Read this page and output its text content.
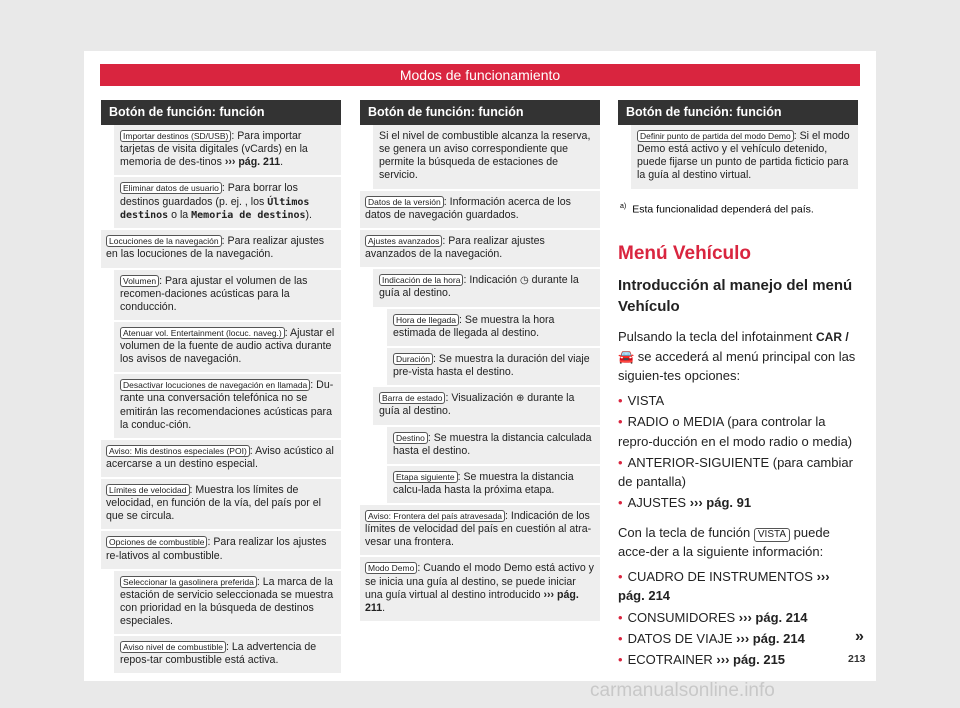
Modos de funcionamiento
Botón de función: función
Importar destinos (SD/USB) : Para importar tarjetas de visita digitales (vCards) en la memoria de des-tinos ››› pág. 211.
Eliminar datos de usuario : Para borrar los destinos guardados (p. ej. , los Últimos destinos o la Memoria de destinos).
Locuciones de la navegación : Para realizar ajustes en las locuciones de la navegación.
Volumen : Para ajustar el volumen de las recomen-daciones acústicas para la conducción.
Atenuar vol. Entertainment (locuc. naveg.) : Ajustar el volumen de la fuente de audio activa durante los avisos de navegación.
Desactivar locuciones de navegación en llamada : Du-rante una conversación telefónica no se emitirán las recomendaciones acústicas para la conduc-ción.
Aviso: Mis destinos especiales (POI) : Aviso acústico al acercarse a un destino especial.
Límites de velocidad : Muestra los límites de velocidad, en función de la vía, del país por el que se circula.
Opciones de combustible : Para realizar los ajustes re-lativos al combustible.
Seleccionar la gasolinera preferida : La marca de la estación de servicio seleccionada se muestra con prioridad en la búsqueda de destinos especiales.
Aviso nivel de combustible : La advertencia de repos-tar combustible está activa.
Botón de función: función
Si el nivel de combustible alcanza la reserva, se genera un aviso correspondiente que permite la búsqueda de estaciones de servicio.
Datos de la versión : Información acerca de los datos de navegación guardados.
Ajustes avanzados : Para realizar ajustes avanzados de la navegación.
Indicación de la hora : Indicación ◷ durante la guía al destino.
Hora de llegada : Se muestra la hora estimada de llegada al destino.
Duración : Se muestra la duración del viaje pre-vista hasta el destino.
Barra de estado : Visualización ⊕ durante la guía al destino.
Destino : Se muestra la distancia calculada hasta el destino.
Etapa siguiente : Se muestra la distancia calcu-lada hasta la próxima etapa.
Aviso: Frontera del país atravesada : Indicación de los límites de velocidad del país en cuestión al atra-vesar una frontera.
Modo Demo : Cuando el modo Demo está activo y se inicia una guía al destino, se puede iniciar una guía virtual al destino introducido ››› pág. 211.
Botón de función: función
Definir punto de partida del modo Demo : Si el modo Demo está activo y el vehículo detenido, puede fijarse un punto de partida ficticio para la guía al destino virtual.
$^{a)}$ Esta funcionalidad dependerá del país.
Menú Vehículo
Introducción al manejo del menú Vehículo
Pulsando la tecla del infotainment CAR / 🚘 se accederá al menú principal con las siguien-tes opciones:
• VISTA
• RADIO o MEDIA (para controlar la repro-ducción en el modo radio o media)
• ANTERIOR-SIGUIENTE (para cambiar de pantalla)
• AJUSTES ››› pág. 91
Con la tecla de función VISTA puede acce-der a la siguiente información:
• CUADRO DE INSTRUMENTOS ››› pág. 214
• CONSUMIDORES ››› pág. 214
• DATOS DE VIAJE ››› pág. 214
• ECOTRAINER ››› pág. 215
»
213
carmanualsonline.info
